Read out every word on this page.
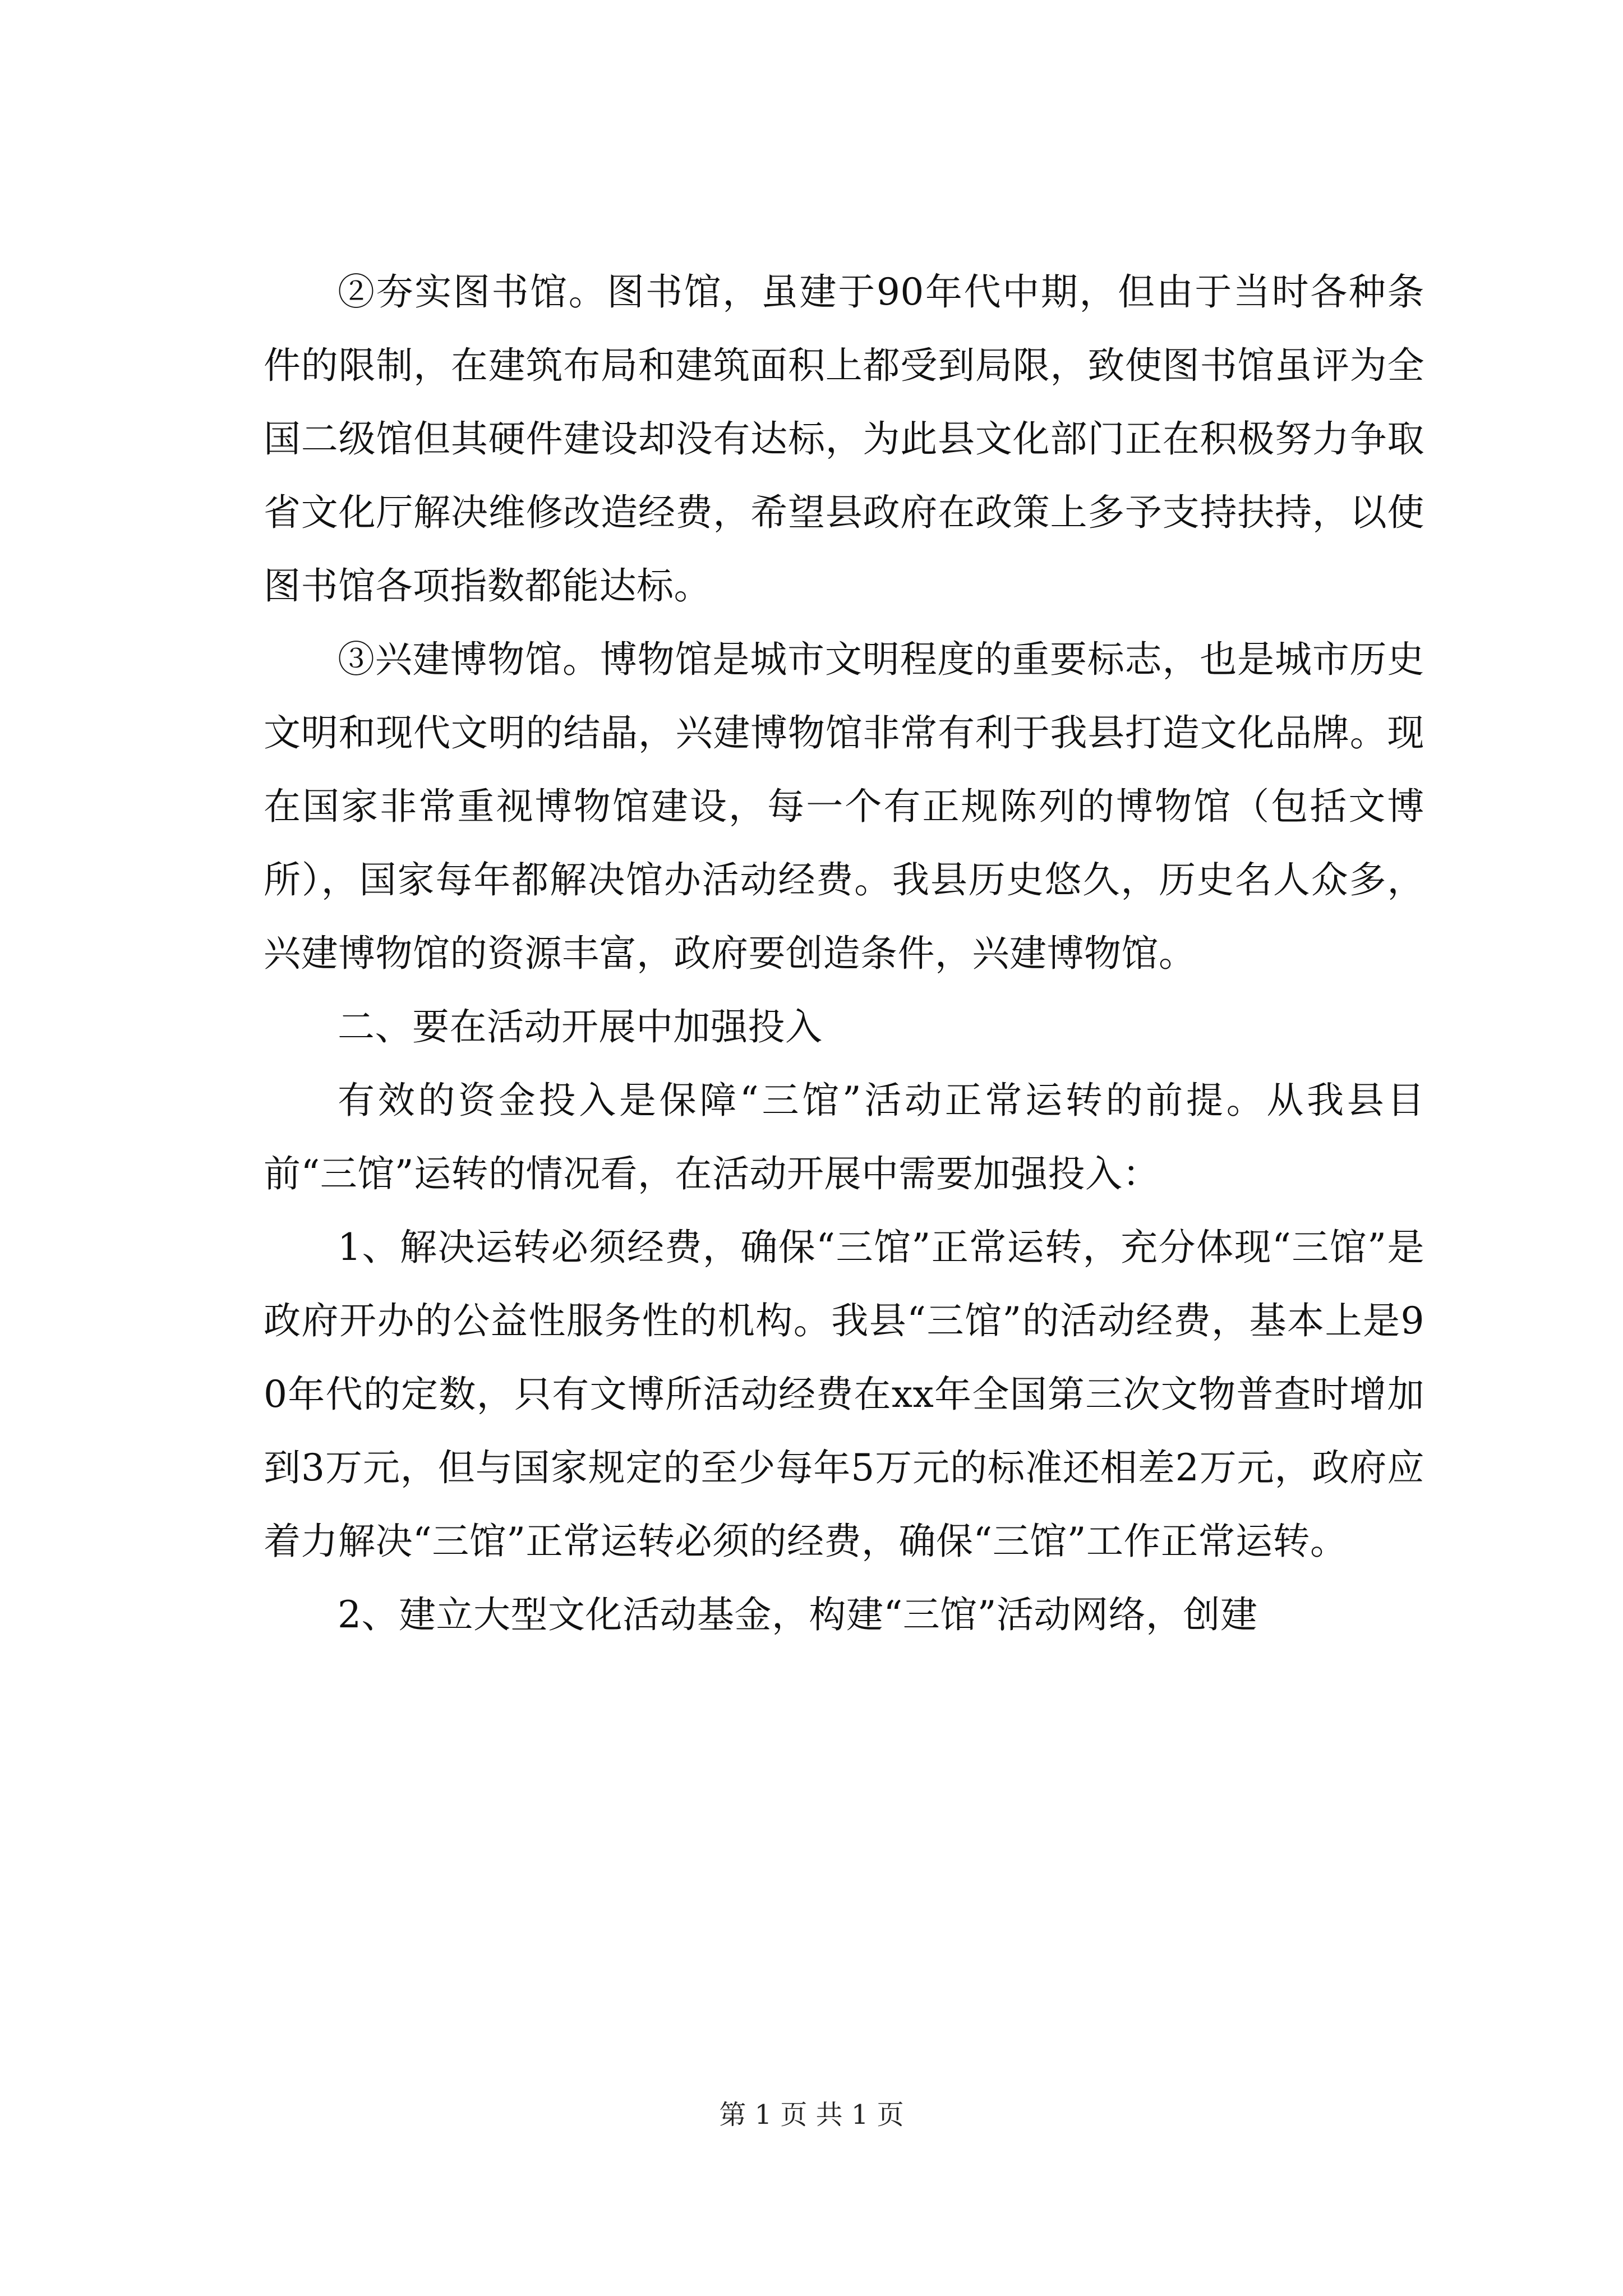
②夯实图书馆。图书馆，虽建于90年代中期，但由于当时各种条件的限制，在建筑布局和建筑面积上都受到局限，致使图书馆虽评为全国二级馆但其硬件建设却没有达标，为此县文化部门正在积极努力争取省文化厅解决维修改造经费，希望县政府在政策上多予支持扶持，以使图书馆各项指数都能达标。

③兴建博物馆。博物馆是城市文明程度的重要标志，也是城市历史文明和现代文明的结晶，兴建博物馆非常有利于我县打造文化品牌。现在国家非常重视博物馆建设，每一个有正规陈列的博物馆（包括文博所），国家每年都解决馆办活动经费。我县历史悠久，历史名人众多，兴建博物馆的资源丰富，政府要创造条件，兴建博物馆。

二、要在活动开展中加强投入

有效的资金投入是保障“三馆”活动正常运转的前提。从我县目前“三馆”运转的情况看，在活动开展中需要加强投入：

1、解决运转必须经费，确保“三馆”正常运转，充分体现“三馆”是政府开办的公益性服务性的机构。我县“三馆”的活动经费，基本上是90年代的定数，只有文博所活动经费在xx年全国第三次文物普查时增加到3万元，但与国家规定的至少每年5万元的标准还相差2万元，政府应着力解决“三馆”正常运转必须的经费，确保“三馆”工作正常运转。

2、建立大型文化活动基金，构建“三馆”活动网络，创建

第 1 页 共 1 页
